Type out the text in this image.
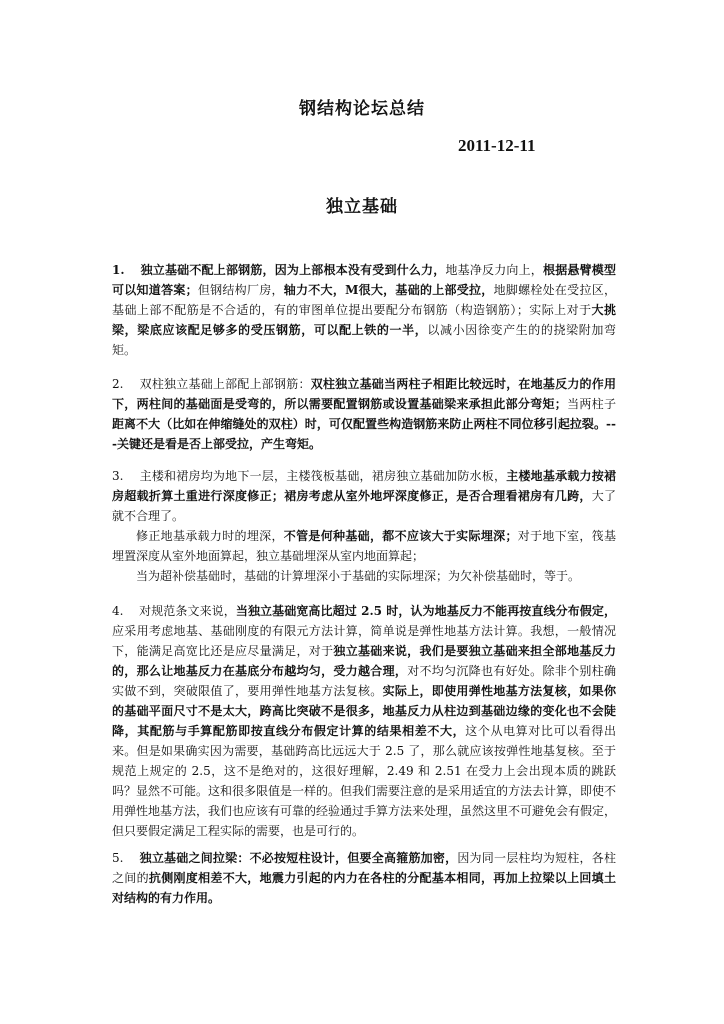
钢结构论坛总结
2011-12-11
独立基础

1. 独立基础不配上部钢筋，因为上部根本没有受到什么力，地基净反力向上，根据悬臂模型可以知道答案；但钢结构厂房，轴力不大，M很大，基础的上部受拉，地脚螺栓处在受拉区，基础上部不配筋是不合适的，有的审图单位提出要配分布钢筋（构造钢筋）；实际上对于大挑梁，梁底应该配足够多的受压钢筋，可以配上铁的一半，以减小因徐变产生的的挠梁附加弯矩。

2. 双柱独立基础上部配上部钢筋：双柱独立基础当两柱子相距比较远时，在地基反力的作用下，两柱间的基础面是受弯的，所以需要配置钢筋或设置基础梁来承担此部分弯矩；当两柱子距离不大（比如在伸缩缝处的双柱）时，可仅配置些构造钢筋来防止两柱不同位移引起拉裂。---关键还是看是否上部受拉，产生弯矩。

3. 主楼和裙房均为地下一层，主楼筏板基础，裙房独立基础加防水板，主楼地基承载力按裙房超载折算土重进行深度修正；裙房考虑从室外地坪深度修正，是否合理看裙房有几跨，大了就不合理了。

修正地基承载力时的埋深，不管是何种基础，都不应该大于实际埋深；对于地下室，筏基埋置深度从室外地面算起，独立基础埋深从室内地面算起；

当为超补偿基础时，基础的计算埋深小于基础的实际埋深；为欠补偿基础时，等于。

4. 对规范条文来说，当独立基础宽高比超过 2.5 时，认为地基反力不能再按直线分布假定，应采用考虑地基、基础刚度的有限元方法计算，简单说是弹性地基方法计算。我想，一般情况下，能满足高宽比还是应尽量满足，对于独立基础来说，我们是要独立基础来担全部地基反力的，那么让地基反力在基底分布越均匀，受力越合理，对不均匀沉降也有好处。除非个别柱确实做不到，突破限值了，要用弹性地基方法复核。实际上，即使用弹性地基方法复核，如果你的基础平面尺寸不是太大，跨高比突破不是很多，地基反力从柱边到基础边缘的变化也不会陡降，其配筋与手算配筋即按直线分布假定计算的结果相差不大，这个从电算对比可以看得出来。但是如果确实因为需要，基础跨高比远远大于 2.5 了，那么就应该按弹性地基复核。至于规范上规定的 2.5，这不是绝对的，这很好理解，2.49 和 2.51 在受力上会出现本质的跳跃吗？显然不可能。这和很多限值是一样的。但我们需要注意的是采用适宜的方法去计算，即使不用弹性地基方法，我们也应该有可靠的经验通过手算方法来处理，虽然这里不可避免会有假定，但只要假定满足工程实际的需要，也是可行的。

5. 独立基础之间拉梁：不必按短柱设计，但要全高箍筋加密，因为同一层柱均为短柱，各柱之间的抗侧刚度相差不大，地震力引起的内力在各柱的分配基本相同，再加上拉梁以上回填土对结构的有力作用。
